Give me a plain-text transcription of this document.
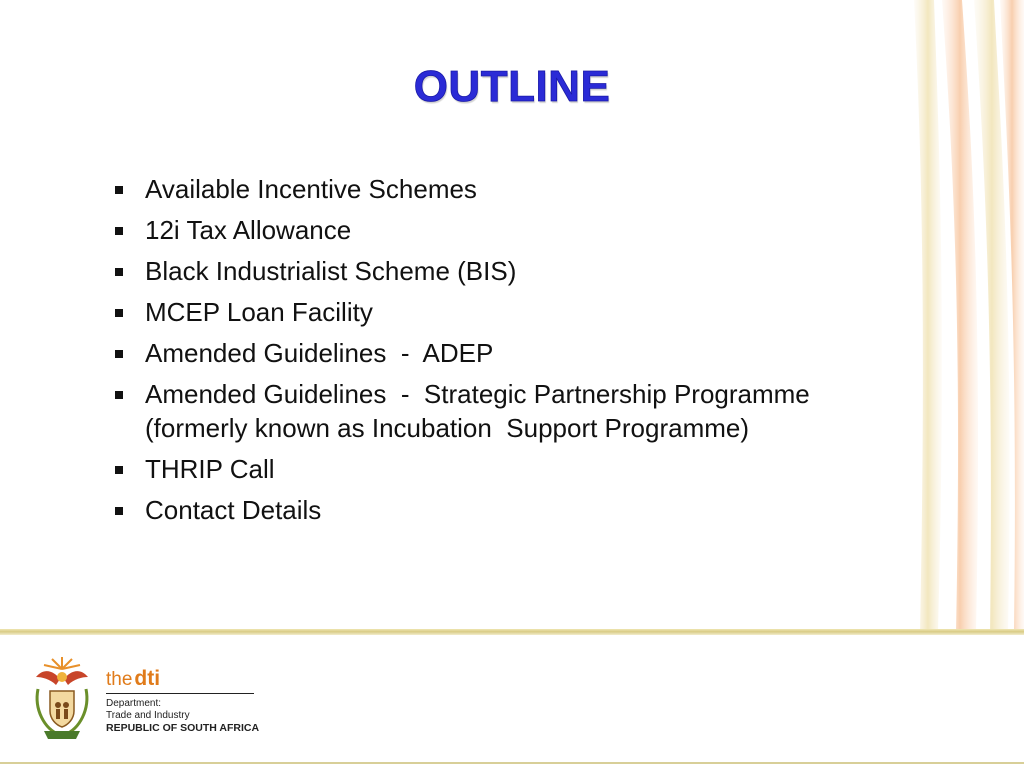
OUTLINE
Available Incentive Schemes
12i Tax Allowance
Black Industrialist Scheme (BIS)
MCEP Loan Facility
Amended Guidelines  -  ADEP
Amended Guidelines  -  Strategic Partnership Programme (formerly known as Incubation  Support Programme)
THRIP Call
Contact Details
thedti
Department:
Trade and Industry
REPUBLIC OF SOUTH AFRICA
